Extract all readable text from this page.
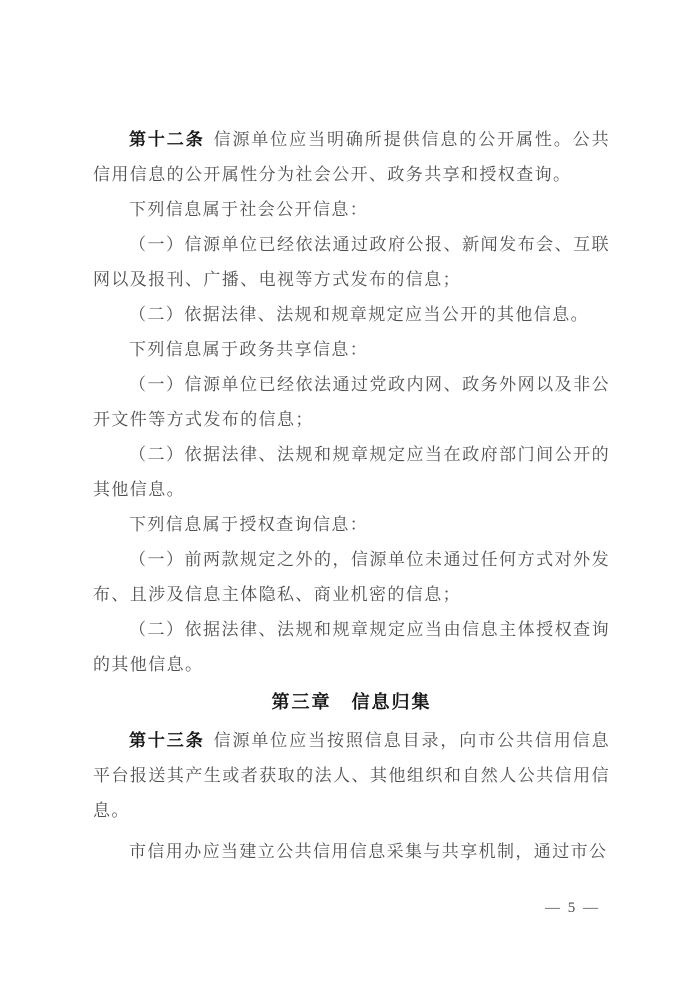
第十二条 信源单位应当明确所提供信息的公开属性。公共信用信息的公开属性分为社会公开、政务共享和授权查询。

下列信息属于社会公开信息：

（一）信源单位已经依法通过政府公报、新闻发布会、互联网以及报刊、广播、电视等方式发布的信息；

（二）依据法律、法规和规章规定应当公开的其他信息。

下列信息属于政务共享信息：

（一）信源单位已经依法通过党政内网、政务外网以及非公开文件等方式发布的信息；

（二）依据法律、法规和规章规定应当在政府部门间公开的其他信息。

下列信息属于授权查询信息：

（一）前两款规定之外的，信源单位未通过任何方式对外发布、且涉及信息主体隐私、商业机密的信息；

（二）依据法律、法规和规章规定应当由信息主体授权查询的其他信息。

第三章　信息归集

第十三条 信源单位应当按照信息目录，向市公共信用信息平台报送其产生或者获取的法人、其他组织和自然人公共信用信息。

市信用办应当建立公共信用信息采集与共享机制，通过市公

— 5 —
